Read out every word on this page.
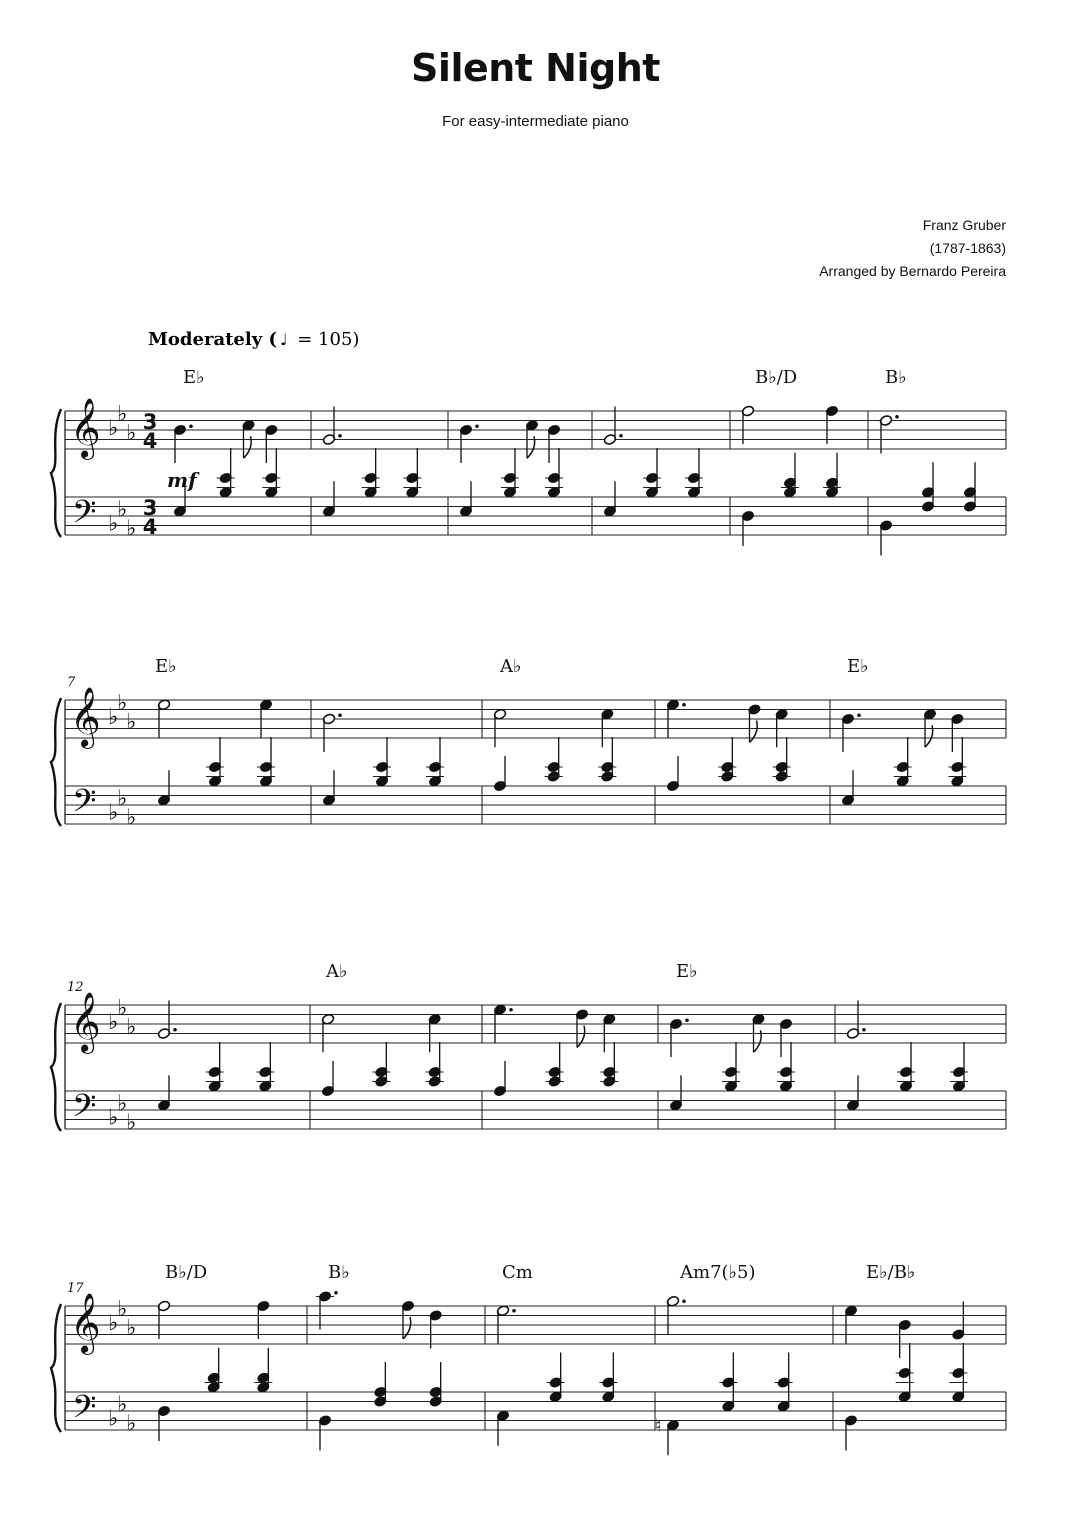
Silent Night
For easy-intermediate piano
Franz Gruber
(1787-1863)
Arranged by Bernardo Pereira
Moderately ( ♩ = 105)
𝄞
𝄢
♭
♭
♭
♭
♭
♭
3
4
3
4
mf
E♭	B♭/D	B♭
𝄞
𝄢
♭
♭
♭
♭
♭
♭
7
E♭	A♭	E♭
𝄞
𝄢
♭
♭
♭
♭
♭
♭
12
A♭	E♭
𝄞
𝄢
♭
♭
♭
♭
♭
♭
17
B♭/D	B♭	Cm	Am7(♭5)
♮
E♭/B♭
